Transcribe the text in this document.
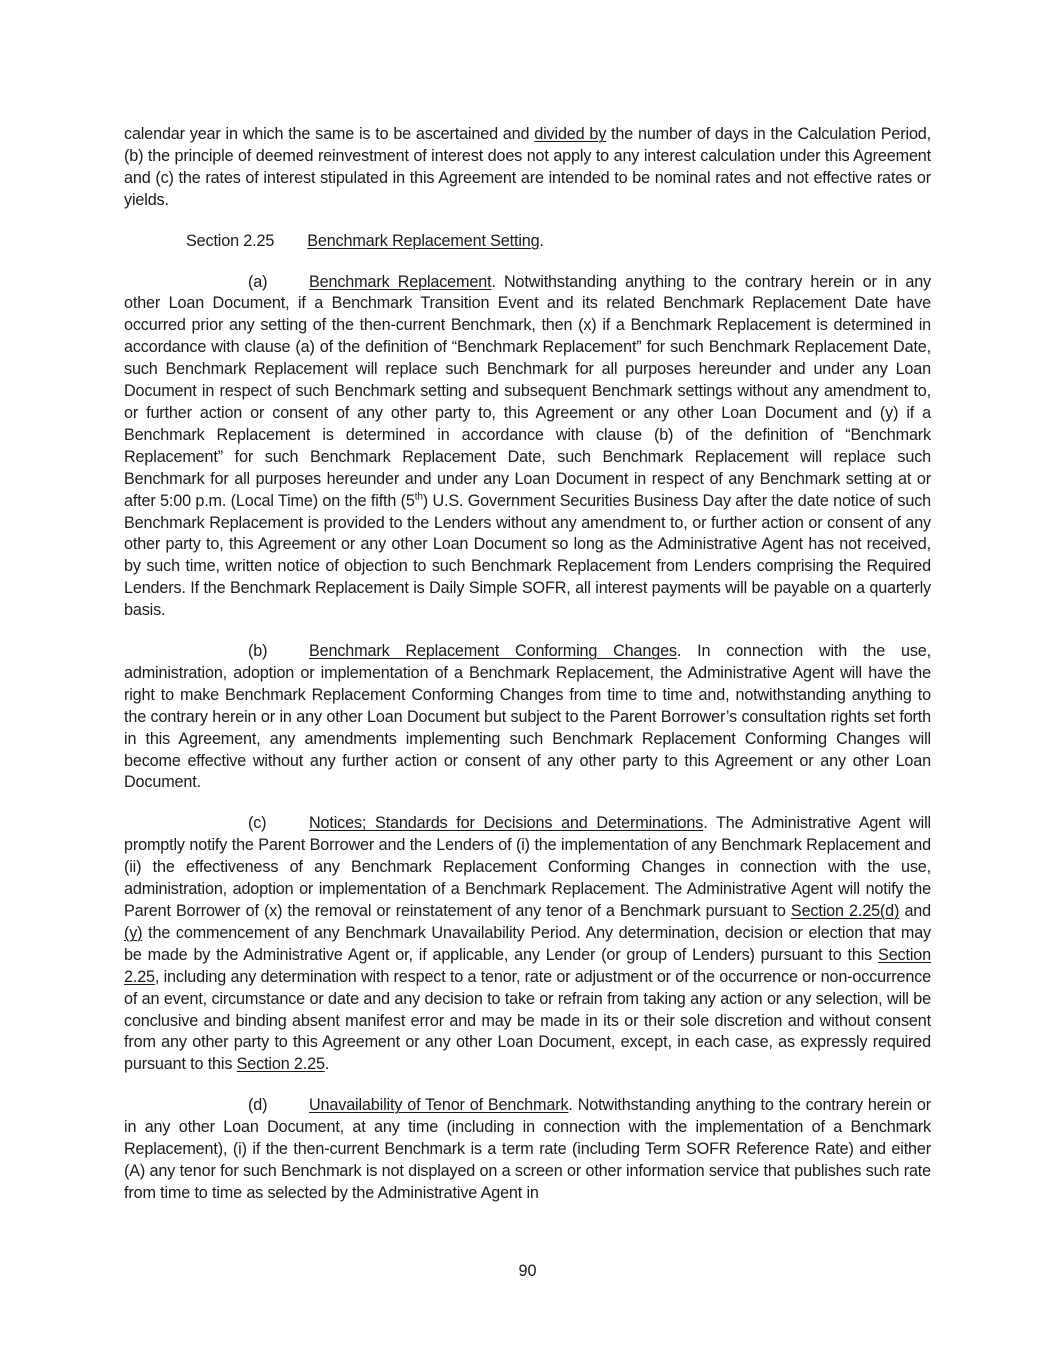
calendar year in which the same is to be ascertained and divided by the number of days in the Calculation Period, (b) the principle of deemed reinvestment of interest does not apply to any interest calculation under this Agreement and (c) the rates of interest stipulated in this Agreement are intended to be nominal rates and not effective rates or yields.

Section 2.25 Benchmark Replacement Setting.

(a)	Benchmark Replacement. Notwithstanding anything to the contrary herein or in any other Loan Document, if a Benchmark Transition Event and its related Benchmark Replacement Date have occurred prior any setting of the then-current Benchmark, then (x) if a Benchmark Replacement is determined in accordance with clause (a) of the definition of “Benchmark Replacement” for such Benchmark Replacement Date, such Benchmark Replacement will replace such Benchmark for all purposes hereunder and under any Loan Document in respect of such Benchmark setting and subsequent Benchmark settings without any amendment to, or further action or consent of any other party to, this Agreement or any other Loan Document and (y) if a Benchmark Replacement is determined in accordance with clause (b) of the definition of “Benchmark Replacement” for such Benchmark Replacement Date, such Benchmark Replacement will replace such Benchmark for all purposes hereunder and under any Loan Document in respect of any Benchmark setting at or after 5:00 p.m. (Local Time) on the fifth (5th) U.S. Government Securities Business Day after the date notice of such Benchmark Replacement is provided to the Lenders without any amendment to, or further action or consent of any other party to, this Agreement or any other Loan Document so long as the Administrative Agent has not received, by such time, written notice of objection to such Benchmark Replacement from Lenders comprising the Required Lenders. If the Benchmark Replacement is Daily Simple SOFR, all interest payments will be payable on a quarterly basis.

(b)	Benchmark Replacement Conforming Changes. In connection with the use, administration, adoption or implementation of a Benchmark Replacement, the Administrative Agent will have the right to make Benchmark Replacement Conforming Changes from time to time and, notwithstanding anything to the contrary herein or in any other Loan Document but subject to the Parent Borrower’s consultation rights set forth in this Agreement, any amendments implementing such Benchmark Replacement Conforming Changes will become effective without any further action or consent of any other party to this Agreement or any other Loan Document.

(c)	Notices; Standards for Decisions and Determinations. The Administrative Agent will promptly notify the Parent Borrower and the Lenders of (i) the implementation of any Benchmark Replacement and (ii) the effectiveness of any Benchmark Replacement Conforming Changes in connection with the use, administration, adoption or implementation of a Benchmark Replacement. The Administrative Agent will notify the Parent Borrower of (x) the removal or reinstatement of any tenor of a Benchmark pursuant to Section 2.25(d) and (y) the commencement of any Benchmark Unavailability Period. Any determination, decision or election that may be made by the Administrative Agent or, if applicable, any Lender (or group of Lenders) pursuant to this Section 2.25, including any determination with respect to a tenor, rate or adjustment or of the occurrence or non-occurrence of an event, circumstance or date and any decision to take or refrain from taking any action or any selection, will be conclusive and binding absent manifest error and may be made in its or their sole discretion and without consent from any other party to this Agreement or any other Loan Document, except, in each case, as expressly required pursuant to this Section 2.25.

(d)	Unavailability of Tenor of Benchmark. Notwithstanding anything to the contrary herein or in any other Loan Document, at any time (including in connection with the implementation of a Benchmark Replacement), (i) if the then-current Benchmark is a term rate (including Term SOFR Reference Rate) and either (A) any tenor for such Benchmark is not displayed on a screen or other information service that publishes such rate from time to time as selected by the Administrative Agent in

90
